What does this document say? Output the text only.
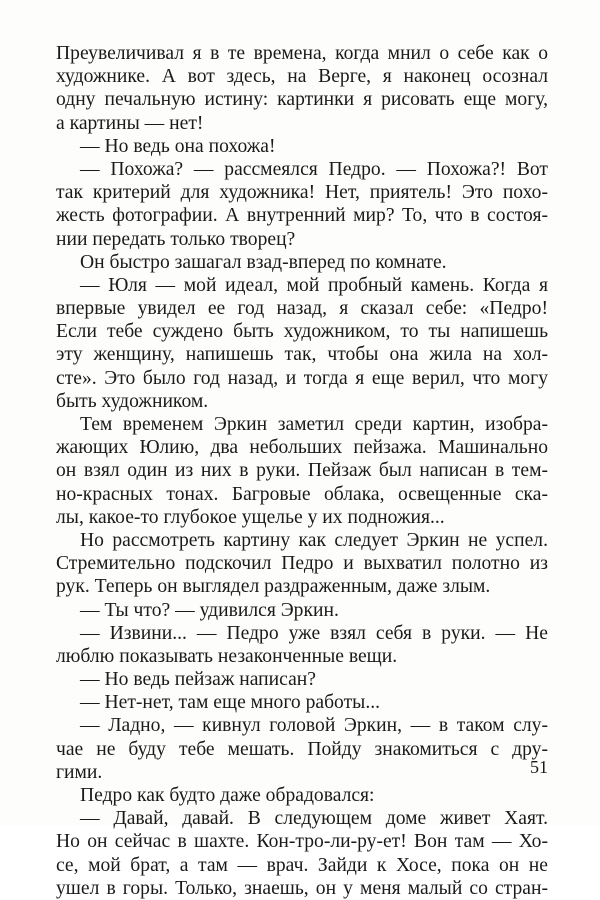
Преувеличивал я в те времена, когда мнил о себе как о
художнике. А вот здесь, на Верге, я наконец осознал
одну печальную истину: картинки я рисовать еще могу,
а картины — нет!
— Но ведь она похожа!
— Похожа? — рассмеялся Педро. — Похожа?! Вот
так критерий для художника! Нет, приятель! Это похо-
жесть фотографии. А внутренний мир? То, что в состоя-
нии передать только творец?
Он быстро зашагал взад-вперед по комнате.
— Юля — мой идеал, мой пробный камень. Когда я
впервые увидел ее год назад, я сказал себе: «Педро!
Если тебе суждено быть художником, то ты напишешь
эту женщину, напишешь так, чтобы она жила на хол-
сте». Это было год назад, и тогда я еще верил, что могу
быть художником.
Тем временем Эркин заметил среди картин, изобра-
жающих Юлию, два небольших пейзажа. Машинально
он взял один из них в руки. Пейзаж был написан в тем-
но-красных тонах. Багровые облака, освещенные ска-
лы, какое-то глубокое ущелье у их подножия...
Но рассмотреть картину как следует Эркин не успел.
Стремительно подскочил Педро и выхватил полотно из
рук. Теперь он выглядел раздраженным, даже злым.
— Ты что? — удивился Эркин.
— Извини... — Педро уже взял себя в руки. — Не
люблю показывать незаконченные вещи.
— Но ведь пейзаж написан?
— Нет-нет, там еще много работы...
— Ладно, — кивнул головой Эркин, — в таком слу-
чае не буду тебе мешать. Пойду знакомиться с дру-
гими.
Педро как будто даже обрадовался:
— Давай, давай. В следующем доме живет Хаят.
Но он сейчас в шахте. Кон-тро-ли-ру-ет! Вон там — Хо-
се, мой брат, а там — врач. Зайди к Хосе, пока он не
ушел в горы. Только, знаешь, он у меня малый со стран-
51
